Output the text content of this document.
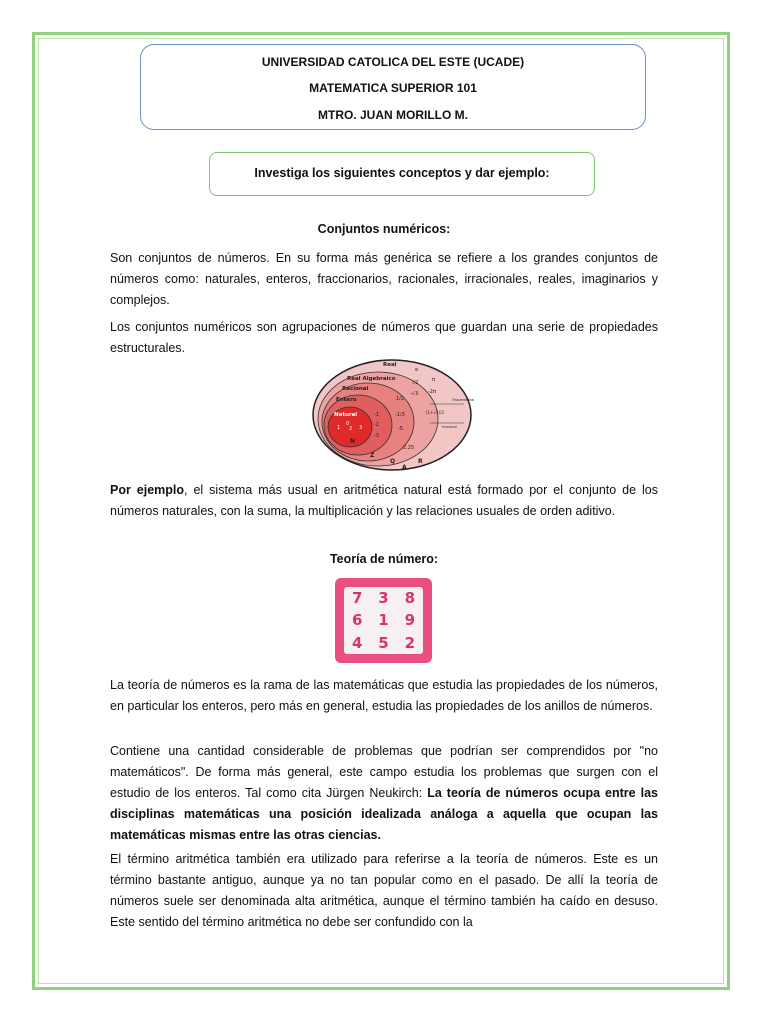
UNIVERSIDAD CATOLICA DEL ESTE (UCADE)
MATEMATICA SUPERIOR 101
MTRO. JUAN MORILLO M.
Investiga los siguientes conceptos y dar ejemplo:
Conjuntos numéricos:

Son conjuntos de números. En su forma más genérica se refiere a los grandes conjuntos de números como: naturales, enteros, fraccionarios, racionales, irracionales, reales, imaginarios y complejos.

Los conjuntos numéricos son agrupaciones de números que guardan una serie de propiedades estructurales.

Real
Real Algebraico
Racional
Entero
Natural
0
1 2 3
-1
-2
-3
-5
1/2
-1/3
√2
-√3 -2π
e
π
2.25
(1+√5)/2
N
Z
Q
A
R
Trascendental
Irracional

Por ejemplo, el sistema más usual en aritmética natural está formado por el conjunto de los números naturales, con la suma, la multiplicación y las relaciones usuales de orden aditivo.

Teoría de número:
7 3 8
6 1 9
4 5 2

La teoría de números es la rama de las matemáticas que estudia las propiedades de los números, en particular los enteros, pero más en general, estudia las propiedades de los anillos de números.

Contiene una cantidad considerable de problemas que podrían ser comprendidos por "no matemáticos". De forma más general, este campo estudia los problemas que surgen con el estudio de los enteros. Tal como cita Jürgen Neukirch: La teoría de números ocupa entre las disciplinas matemáticas una posición idealizada análoga a aquella que ocupan las matemáticas mismas entre las otras ciencias.

El término aritmética también era utilizado para referirse a la teoría de números. Este es un término bastante antiguo, aunque ya no tan popular como en el pasado. De allí la teoría de números suele ser denominada alta aritmética, aunque el término también ha caído en desuso. Este sentido del término aritmética no debe ser confundido con la
